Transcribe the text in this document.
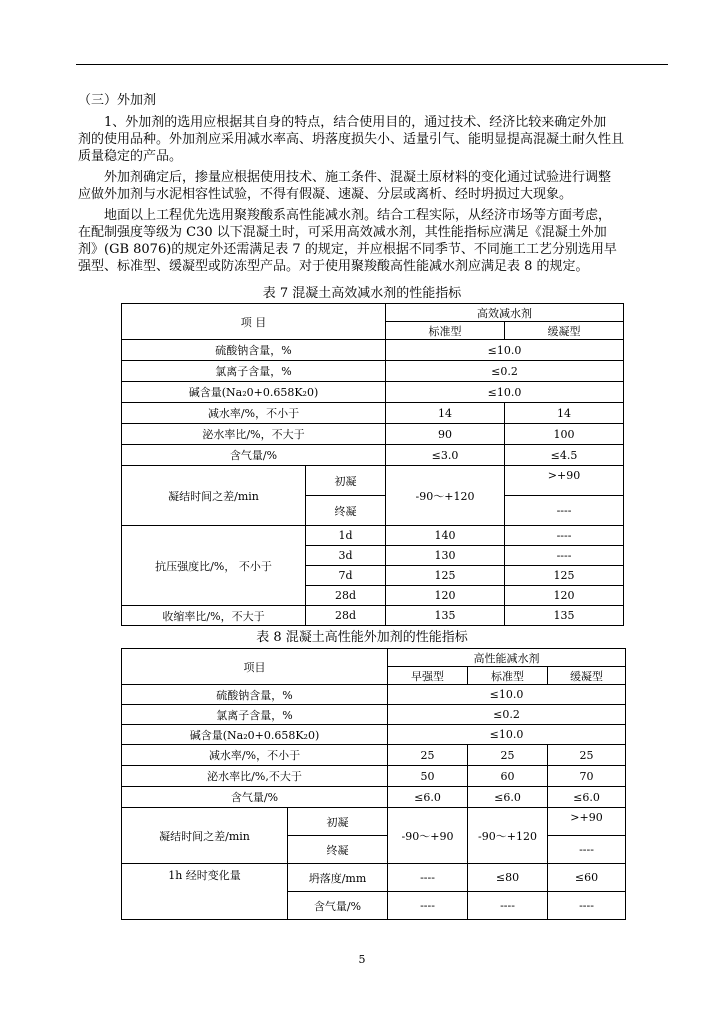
（三）外加剂

1、外加剂的选用应根据其自身的特点，结合使用目的，通过技术、经济比较来确定外加
剂的使用品种。外加剂应采用减水率高、坍落度损失小、适量引气、能明显提高混凝土耐久性且
质量稳定的产品。

外加剂确定后，掺量应根据使用技术、施工条件、混凝土原材料的变化通过试验进行调整
应做外加剂与水泥相容性试验，不得有假凝、速凝、分层或离析、经时坍损过大现象。

地面以上工程优先选用聚羧酸系高性能减水剂。结合工程实际，从经济市场等方面考虑，
在配制强度等级为 C30 以下混凝土时，可采用高效减水剂，其性能指标应满足《混凝土外加
剂》(GB 8076)的规定外还需满足表 7 的规定，并应根据不同季节、不同施工工艺分别选用早
强型、标准型、缓凝型或防冻型产品。对于使用聚羧酸高性能减水剂应满足表 8 的规定。

表 7 混凝土高效减水剂的性能指标
项 目		高效减水剂	
		标准型	缓凝型
硫酸钠含量，%		≤10.0	
氯离子含量，%		≤0.2	
碱含量(Na₂0+0.658K₂0)		≤10.0	
减水率/%，不小于		14	14
泌水率比/%，不大于		90	100
含气量/%		≤3.0	≤4.5
凝结时间之差/min	初凝	-90～+120	>+90
	终凝		----
抗压强度比/%， 不小于	1d	140	----
	3d	130	----
	7d	125	125
	28d	120	120
收缩率比/%，不大于	28d	135	135
表 8 混凝土高性能外加剂的性能指标
项目		高性能减水剂		
		早强型	标准型	缓凝型
硫酸钠含量，%		≤10.0		
氯离子含量，%		≤0.2		
碱含量(Na₂0+0.658K₂0)		≤10.0		
减水率/%，不小于		25	25	25
泌水率比/%,不大于		50	60	70
含气量/%		≤6.0	≤6.0	≤6.0
凝结时间之差/min	初凝	-90～+90	-90～+120	>+90
	终凝			----
1h 经时变化量	坍落度/mm	----	≤80	≤60
	含气量/%	----	----	----
5
